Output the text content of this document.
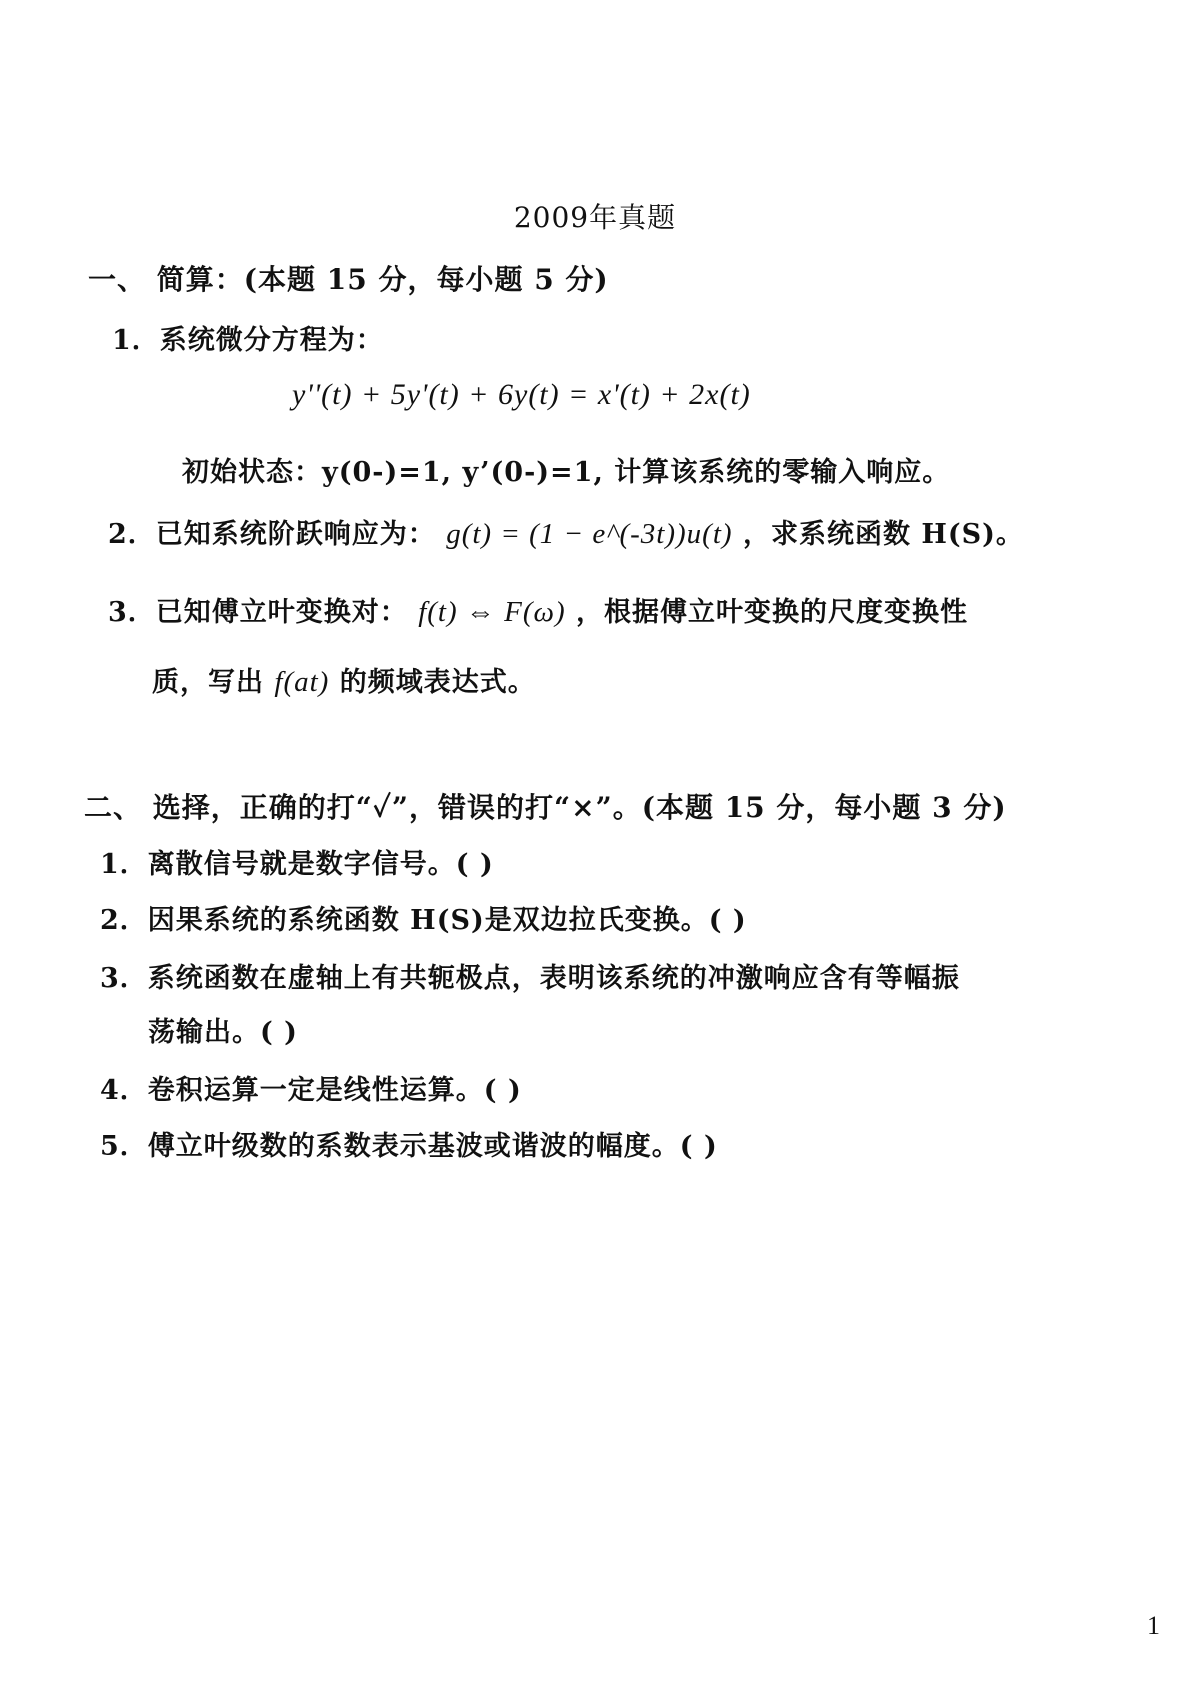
2009年真题
一、 简算：(本题 15 分，每小题 5 分)
1．系统微分方程为：
y''(t) + 5y'(t) + 6y(t) = x'(t) + 2x(t)
初始状态：y(0-)=1, y’(0-)=1, 计算该系统的零输入响应。
2．已知系统阶跃响应为： g(t) = (1 − e^(-3t))u(t) ，求系统函数 H(S)。
3．已知傅立叶变换对： f(t) ⇔ F(ω) ，根据傅立叶变换的尺度变换性
质，写出 f(at) 的频域表达式。
二、 选择，正确的打“✓”，错误的打“×”。(本题 15 分，每小题 3 分)
1．离散信号就是数字信号。( )
2．因果系统的系统函数 H(S)是双边拉氏变换。( )
3．系统函数在虚轴上有共轭极点，表明该系统的冲激响应含有等幅振
荡输出。( )
4．卷积运算一定是线性运算。( )
5．傅立叶级数的系数表示基波或谐波的幅度。( )
1
